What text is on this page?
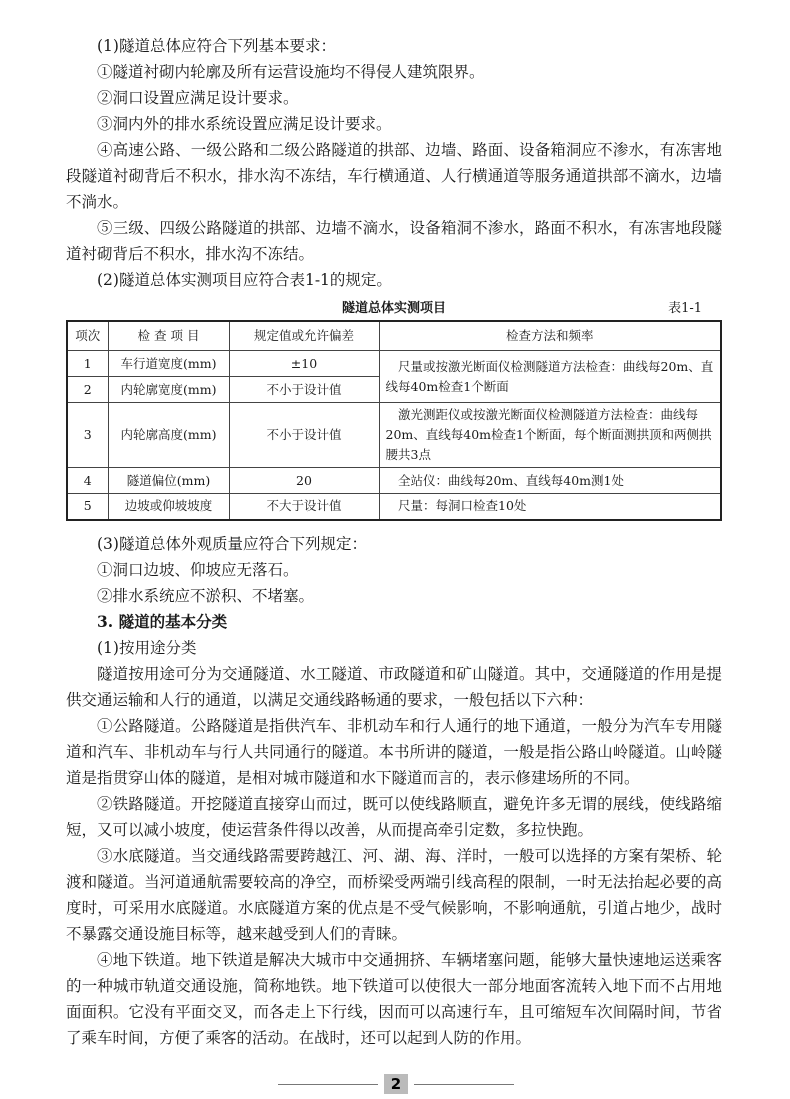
(1)隧道总体应符合下列基本要求：

①隧道衬砌内轮廓及所有运营设施均不得侵人建筑限界。

②洞口设置应满足设计要求。

③洞内外的排水系统设置应满足设计要求。

④高速公路、一级公路和二级公路隧道的拱部、边墙、路面、设备箱洞应不渗水，有冻害地段隧道衬砌背后不积水，排水沟不冻结，车行横通道、人行横通道等服务通道拱部不滴水，边墙不淌水。

⑤三级、四级公路隧道的拱部、边墙不滴水，设备箱洞不渗水，路面不积水，有冻害地段隧道衬砌背后不积水，排水沟不冻结。

(2)隧道总体实测项目应符合表1-1的规定。

隧道总体实测项目	表1-1
项次	检 查 项 目	规定值或允许偏差	检查方法和频率
1	车行道宽度(mm)	±10	尺量或按激光断面仪检测隧道方法检查：曲线每20m、直线每40m检查1个断面
2	内轮廓宽度(mm)	不小于设计值	
3	内轮廓高度(mm)	不小于设计值	激光测距仪或按激光断面仪检测隧道方法检查：曲线每20m、直线每40m检查1个断面，每个断面测拱顶和两侧拱腰共3点
4	隧道偏位(mm)	20	全站仪：曲线每20m、直线每40m测1处
5	边坡或仰坡坡度	不大于设计值	尺量：每洞口检查10处

(3)隧道总体外观质量应符合下列规定：

①洞口边坡、仰坡应无落石。

②排水系统应不淤积、不堵塞。

3. 隧道的基本分类

(1)按用途分类

隧道按用途可分为交通隧道、水工隧道、市政隧道和矿山隧道。其中，交通隧道的作用是提供交通运输和人行的通道，以满足交通线路畅通的要求，一般包括以下六种：

①公路隧道。公路隧道是指供汽车、非机动车和行人通行的地下通道，一般分为汽车专用隧道和汽车、非机动车与行人共同通行的隧道。本书所讲的隧道，一般是指公路山岭隧道。山岭隧道是指贯穿山体的隧道，是相对城市隧道和水下隧道而言的，表示修建场所的不同。

②铁路隧道。开挖隧道直接穿山而过，既可以使线路顺直，避免许多无谓的展线，使线路缩短，又可以减小坡度，使运营条件得以改善，从而提高牵引定数，多拉快跑。

③水底隧道。当交通线路需要跨越江、河、湖、海、洋时，一般可以选择的方案有架桥、轮渡和隧道。当河道通航需要较高的净空，而桥梁受两端引线高程的限制，一时无法抬起必要的高度时，可采用水底隧道。水底隧道方案的优点是不受气候影响，不影响通航，引道占地少，战时不暴露交通设施目标等，越来越受到人们的青睐。

④地下铁道。地下铁道是解决大城市中交通拥挤、车辆堵塞问题，能够大量快速地运送乘客的一种城市轨道交通设施，简称地铁。地下铁道可以使很大一部分地面客流转入地下而不占用地面面积。它没有平面交叉，而各走上下行线，因而可以高速行车，且可缩短车次间隔时间，节省了乘车时间，方便了乘客的活动。在战时，还可以起到人防的作用。

2
